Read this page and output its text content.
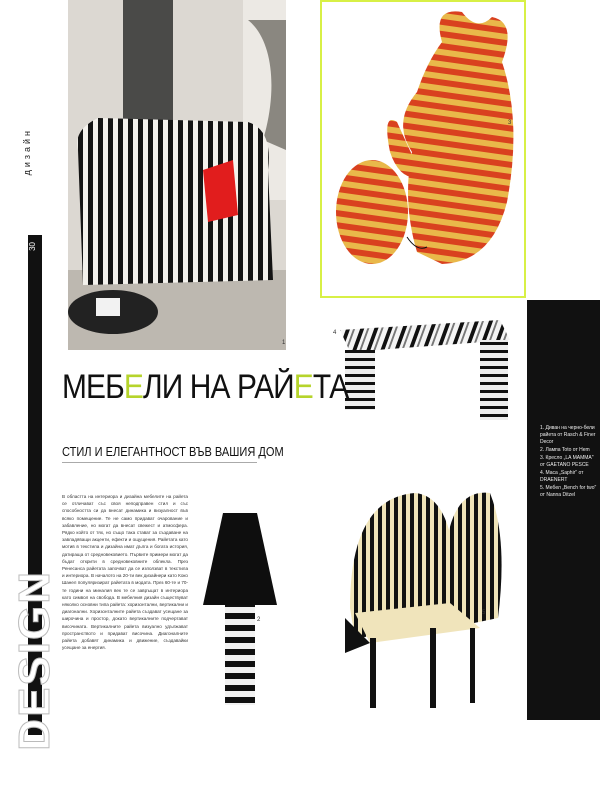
дизайн
30
DESIGN
1
3
4
1. Диван на черно-бели райета от Rasch & Finer Decor
2. Лампа Toto от Hem
3. Кресло „LA MAMMA" от GAETANO PESCE
4. Маса „Saphir" от DRAENERT
5. Мебел „Bench for two" от Nanna Ditzel
МЕБЕЛИ НА РАЙЕТА
СТИЛ И ЕЛЕГАНТНОСТ ВЪВ ВАШИЯ ДОМ
В областта на интериора и дизайна мебелите на райета се отличават със своя неподправен стил и със способността си да внесат динамика и визуалност във всяко помещение. Те не само придават очарование и забавление, но могат да внесат свежест и атмосфера. Рядко който от тях, но също така стават за създаване на завладяващи акценти, ефекти и ощущения. Райетата като мотив в текстила и дизайна имат дълга и богата история, датираща от средновековието. Първите примери могат да бъдат открити в средновековните облекла. През Ренесанса райетата започват да се използват в текстила и интериора. В началото на 20-ти век дизайнери като Коко Шанел популяризират райетата в модата. През 60-те и 70-те години на миналия век те се завръщат в интериора като символ на свобода. В мебелния дизайн съществуват няколко основни типа райета: хоризонтални, вертикални и диагонални. Хоризонталните райета създават усещане за широчина и простор, докато вертикалните подчертават височината. Вертикалните райета визуално удължават пространството и придават височина. Диагоналните райета добавят динамика и движение, създавайки усещане за енергия.
2
5
